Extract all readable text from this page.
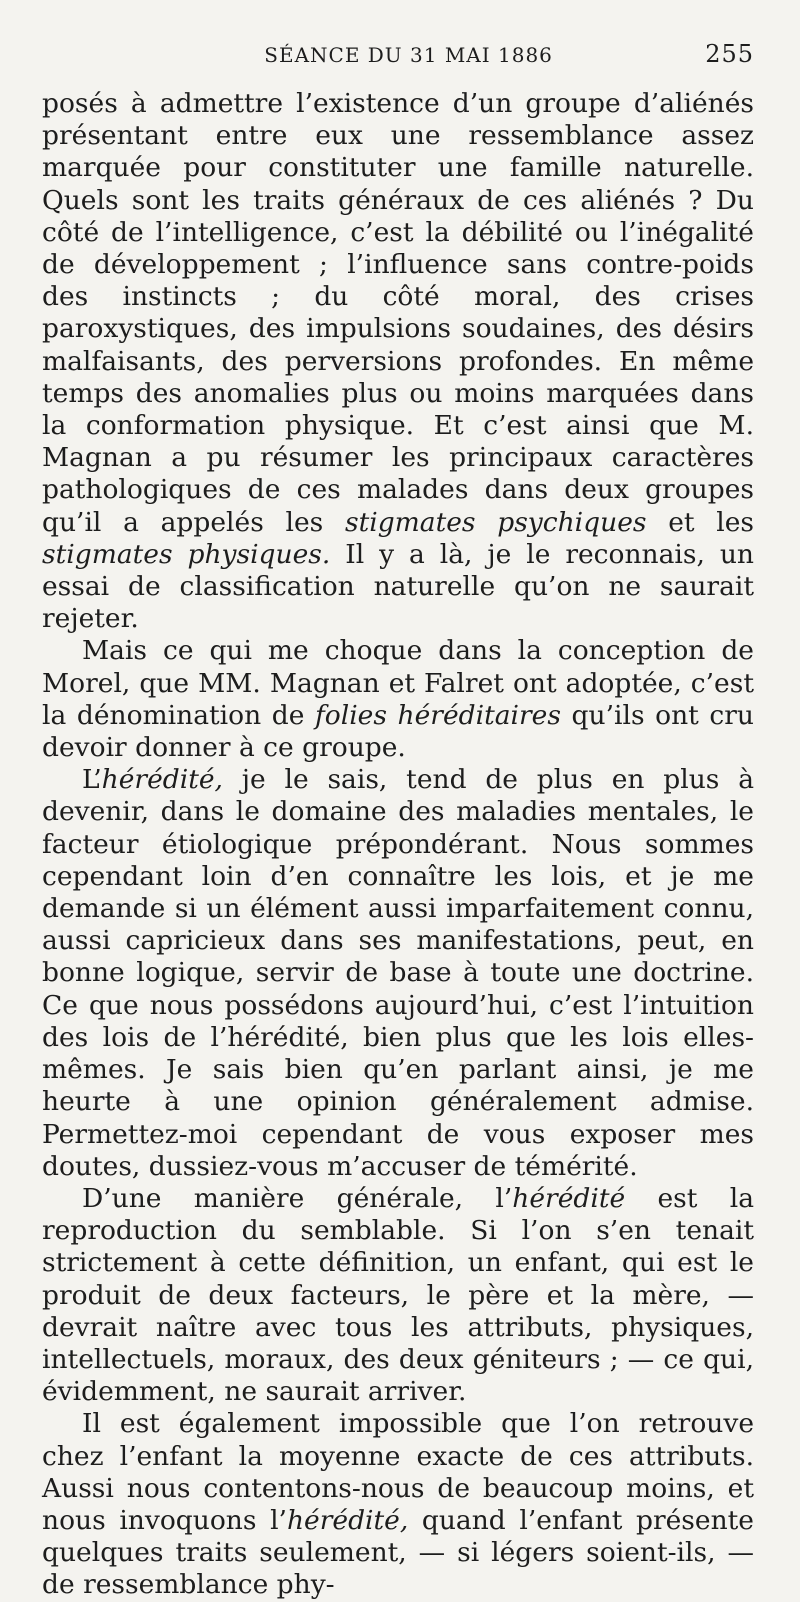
SÉANCE DU 31 MAI 1886	255

posés à admettre l’existence d’un groupe d’aliénés présentant entre eux une ressemblance assez marquée pour constituter une famille naturelle. Quels sont les traits généraux de ces aliénés ? Du côté de l’intelligence, c’est la débilité ou l’inégalité de développement ; l’influence sans contre-poids des instincts ; du côté moral, des crises paroxystiques, des impulsions soudaines, des désirs malfaisants, des perversions profondes. En même temps des anomalies plus ou moins marquées dans la conformation physique. Et c’est ainsi que M. Magnan a pu résumer les principaux caractères pathologiques de ces malades dans deux groupes qu’il a appelés les stigmates psychiques et les stigmates physiques. Il y a là, je le reconnais, un essai de classification naturelle qu’on ne saurait rejeter.

Mais ce qui me choque dans la conception de Morel, que MM. Magnan et Falret ont adoptée, c’est la dénomination de folies héréditaires qu’ils ont cru devoir donner à ce groupe.

L’hérédité, je le sais, tend de plus en plus à devenir, dans le domaine des maladies mentales, le facteur étiologique prépondérant. Nous sommes cependant loin d’en connaître les lois, et je me demande si un élément aussi imparfaitement connu, aussi capricieux dans ses manifestations, peut, en bonne logique, servir de base à toute une doctrine. Ce que nous possédons aujourd’hui, c’est l’intuition des lois de l’hérédité, bien plus que les lois elles-mêmes. Je sais bien qu’en parlant ainsi, je me heurte à une opinion généralement admise. Permettez-moi cependant de vous exposer mes doutes, dussiez-vous m’accuser de témérité.

D’une manière générale, l’hérédité est la reproduction du semblable. Si l’on s’en tenait strictement à cette définition, un enfant, qui est le produit de deux facteurs, le père et la mère, — devrait naître avec tous les attributs, physiques, intellectuels, moraux, des deux géniteurs ; — ce qui, évidemment, ne saurait arriver.

Il est également impossible que l’on retrouve chez l’enfant la moyenne exacte de ces attributs. Aussi nous contentons-nous de beaucoup moins, et nous invoquons l’hérédité, quand l’enfant présente quelques traits seulement, — si légers soient-ils, — de ressemblance phy-
